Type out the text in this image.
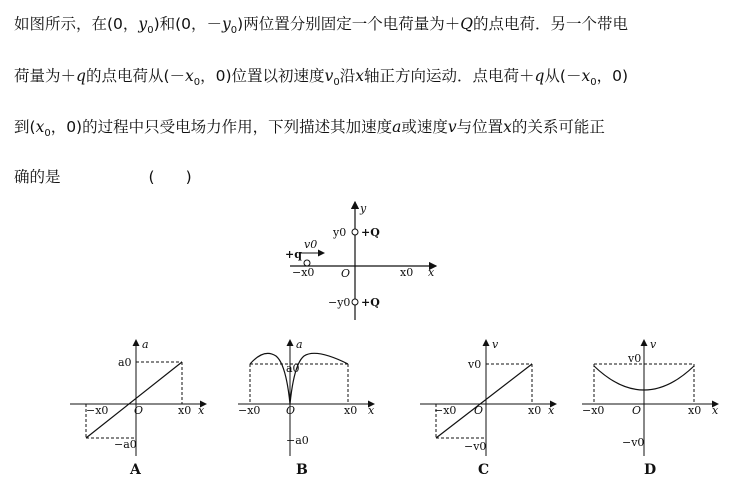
如图所示，在(0，$y_0$)和(0，$-y_0$)两位置分别固定一个电荷量为＋Q的点电荷．另一个带电
荷量为＋q的点电荷从($-x_0$，0)位置以初速度$v_0$沿x轴正方向运动．点电荷＋q从($-x_0$，0)
到($x_0$，0)的过程中只受电场力作用，下列描述其加速度a或速度v与位置x的关系可能正
确的是	(　　)
y
x
O
+Q
+Q
y0
−y0
v0
+q
−x0	x0
a
a0
−a0
−x0	x0
O	x
A
a
a0
−a0
−x0	x0
O	x
B
v
v0
−v0
−x0	x0
O	x
C
v
v0
−v0
−x0	x0
O	x
D
